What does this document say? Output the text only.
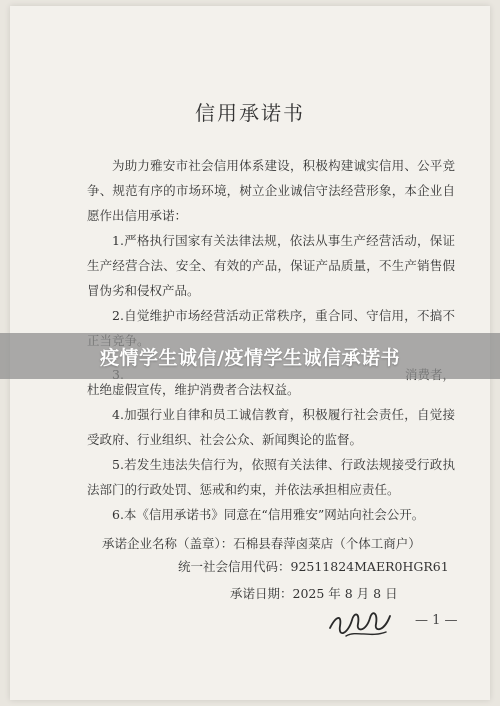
信用承诺书
为助力雅安市社会信用体系建设，积极构建诚实信用、公平竞争、规范有序的市场环境，树立企业诚信守法经营形象，本企业自愿作出信用承诺：
1.严格执行国家有关法律法规，依法从事生产经营活动，保证生产经营合法、安全、有效的产品，保证产品质量，不生产销售假冒伪劣和侵权产品。
2.自觉维护市场经营活动正常秩序，重合同、守信用，不搞不
杜绝虚假宣传，维护消费者合法权益。
4.加强行业自律和员工诚信教育，积极履行社会责任，自觉接受政府、行业组织、社会公众、新闻舆论的监督。
5.若发生违法失信行为，依照有关法律、行政法规接受行政执法部门的行政处罚、惩戒和约束，并依法承担相应责任。
6.本《信用承诺书》同意在“信用雅安”网站向社会公开。
承诺企业名称（盖章）：石棉县春萍卤菜店（个体工商户）
统一社会信用代码：92511824MAER0HGR61
承诺日期：2025 年 8 月 8 日
— 1 —
疫情学生诚信/疫情学生诚信承诺书
